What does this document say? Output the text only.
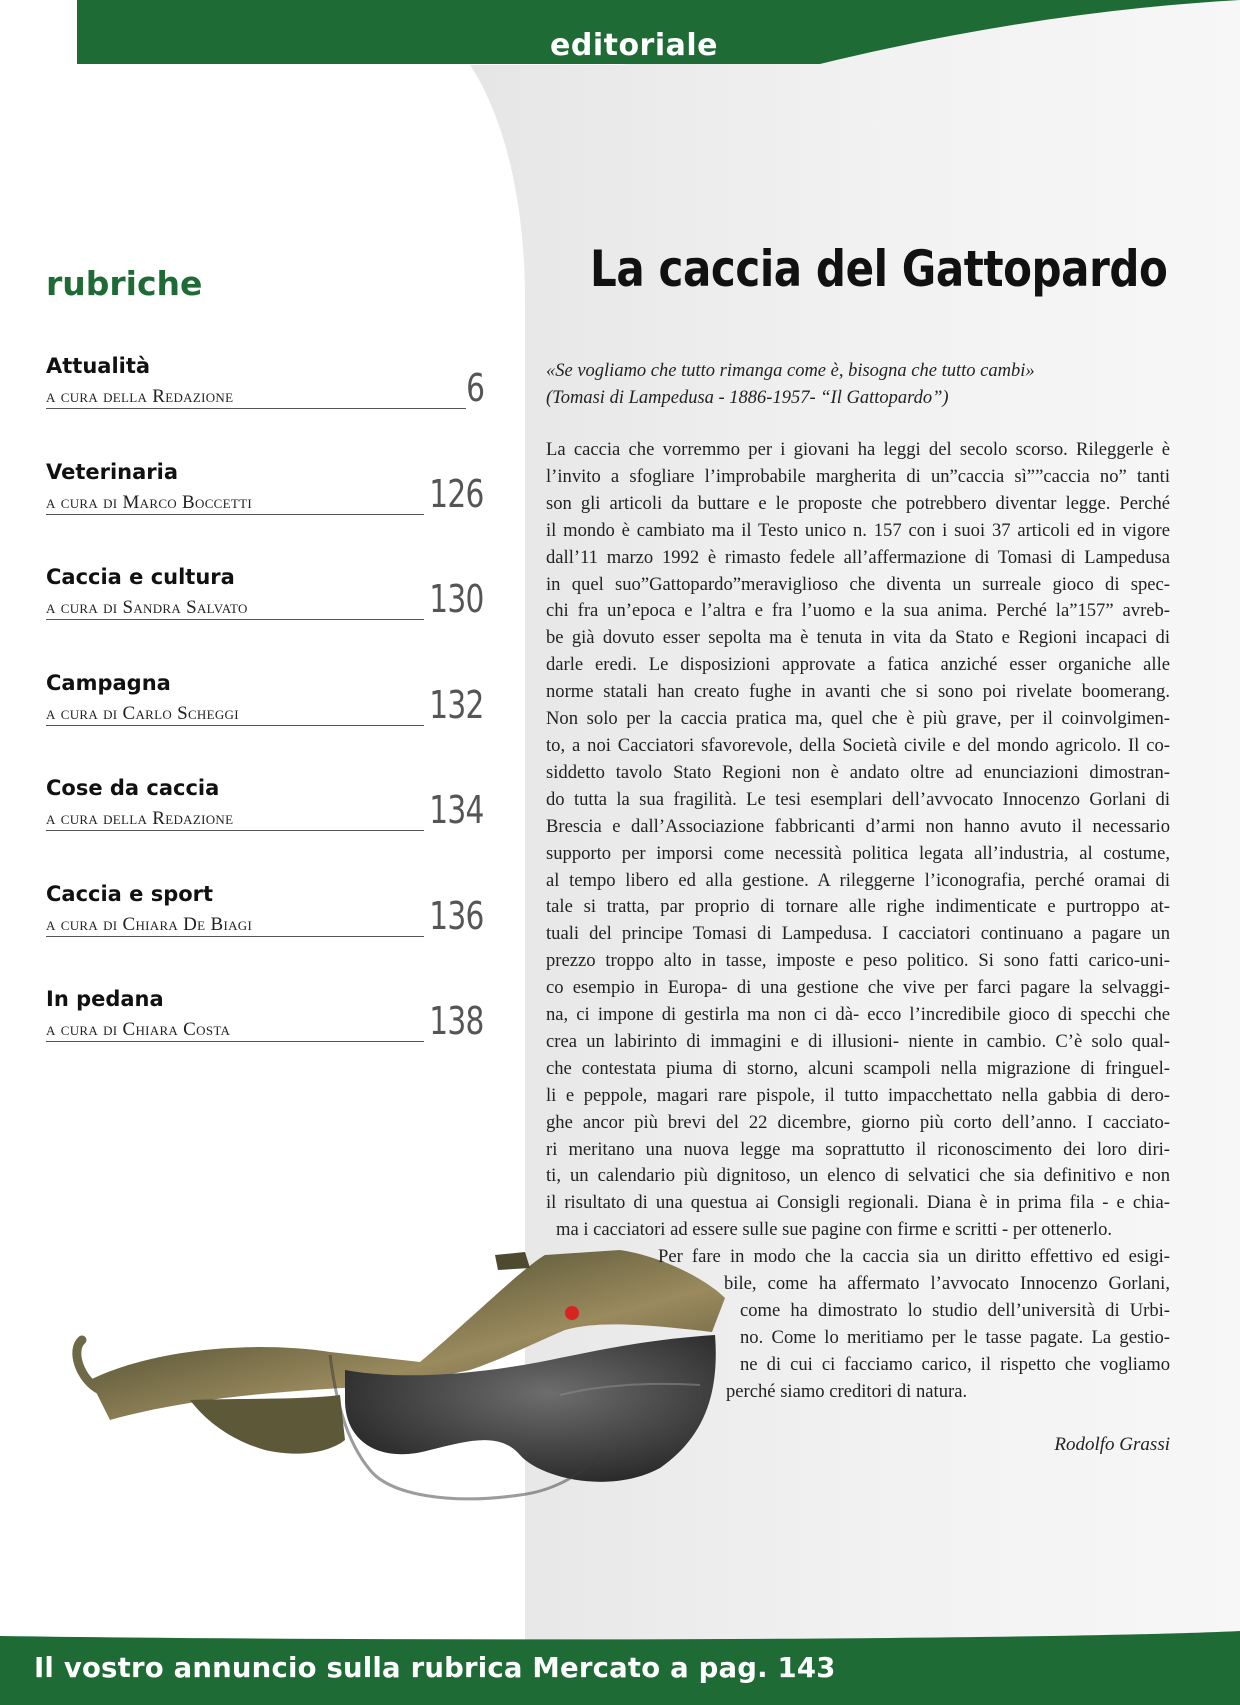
editoriale
rubriche
Attualità
a cura della Redazione	6
Veterinaria
a cura di Marco Boccetti	126
Caccia e cultura
a cura di Sandra Salvato	130
Campagna
a cura di Carlo Scheggi	132
Cose da caccia
a cura della Redazione	134
Caccia e sport
a cura di Chiara De Biagi	136
In pedana
a cura di Chiara Costa	138
La caccia del Gattopardo
«Se vogliamo che tutto rimanga come è, bisogna che tutto cambi»
(Tomasi di Lampedusa - 1886-1957- “Il Gattopardo”)
La caccia che vorremmo per i giovani ha leggi del secolo scorso. Rileggerle è
l’invito a sfogliare l’improbabile margherita di un”caccia sì””caccia no” tanti
son gli articoli da buttare e le proposte che potrebbero diventar legge. Perché
il mondo è cambiato ma il Testo unico n. 157 con i suoi 37 articoli ed in vigore
dall’11 marzo 1992 è rimasto fedele all’affermazione di Tomasi di Lampedusa
in quel suo”Gattopardo”meraviglioso che diventa un surreale gioco di spec-
chi fra un’epoca e l’altra e fra l’uomo e la sua anima. Perché la”157” avreb-
be già dovuto esser sepolta ma è tenuta in vita da Stato e Regioni incapaci di
darle eredi. Le disposizioni approvate a fatica anziché esser organiche alle
norme statali han creato fughe in avanti che si sono poi rivelate boomerang.
Non solo per la caccia pratica ma, quel che è più grave, per il coinvolgimen-
to, a noi Cacciatori sfavorevole, della Società civile e del mondo agricolo. Il co-
siddetto tavolo Stato Regioni non è andato oltre ad enunciazioni dimostran-
do tutta la sua fragilità. Le tesi esemplari dell’avvocato Innocenzo Gorlani di
Brescia e dall’Associazione fabbricanti d’armi non hanno avuto il necessario
supporto per imporsi come necessità politica legata all’industria, al costume,
al tempo libero ed alla gestione. A rileggerne l’iconografia, perché oramai di
tale si tratta, par proprio di tornare alle righe indimenticate e purtroppo at-
tuali del principe Tomasi di Lampedusa. I cacciatori continuano a pagare un
prezzo troppo alto in tasse, imposte e peso politico. Si sono fatti carico-uni-
co esempio in Europa- di una gestione che vive per farci pagare la selvaggi-
na, ci impone di gestirla ma non ci dà- ecco l’incredibile gioco di specchi che
crea un labirinto di immagini e di illusioni- niente in cambio. C’è solo qual-
che contestata piuma di storno, alcuni scampoli nella migrazione di fringuel-
li e peppole, magari rare pispole, il tutto impacchettato nella gabbia di dero-
ghe ancor più brevi del 22 dicembre, giorno più corto dell’anno. I cacciato-
ri meritano una nuova legge ma soprattutto il riconoscimento dei loro diri-
ti, un calendario più dignitoso, un elenco di selvatici che sia definitivo e non
il risultato di una questua ai Consigli regionali. Diana è in prima fila - e chia-
ma i cacciatori ad essere sulle sue pagine con firme e scritti - per ottenerlo.
Per fare in modo che la caccia sia un diritto effettivo ed esigi-
bile, come ha affermato l’avvocato Innocenzo Gorlani,
come ha dimostrato lo studio dell’università di Urbi-
no. Come lo meritiamo per le tasse pagate. La gestio-
ne di cui ci facciamo carico, il rispetto che vogliamo
perché siamo creditori di natura.
Rodolfo Grassi
Il vostro annuncio sulla rubrica Mercato a pag. 143
